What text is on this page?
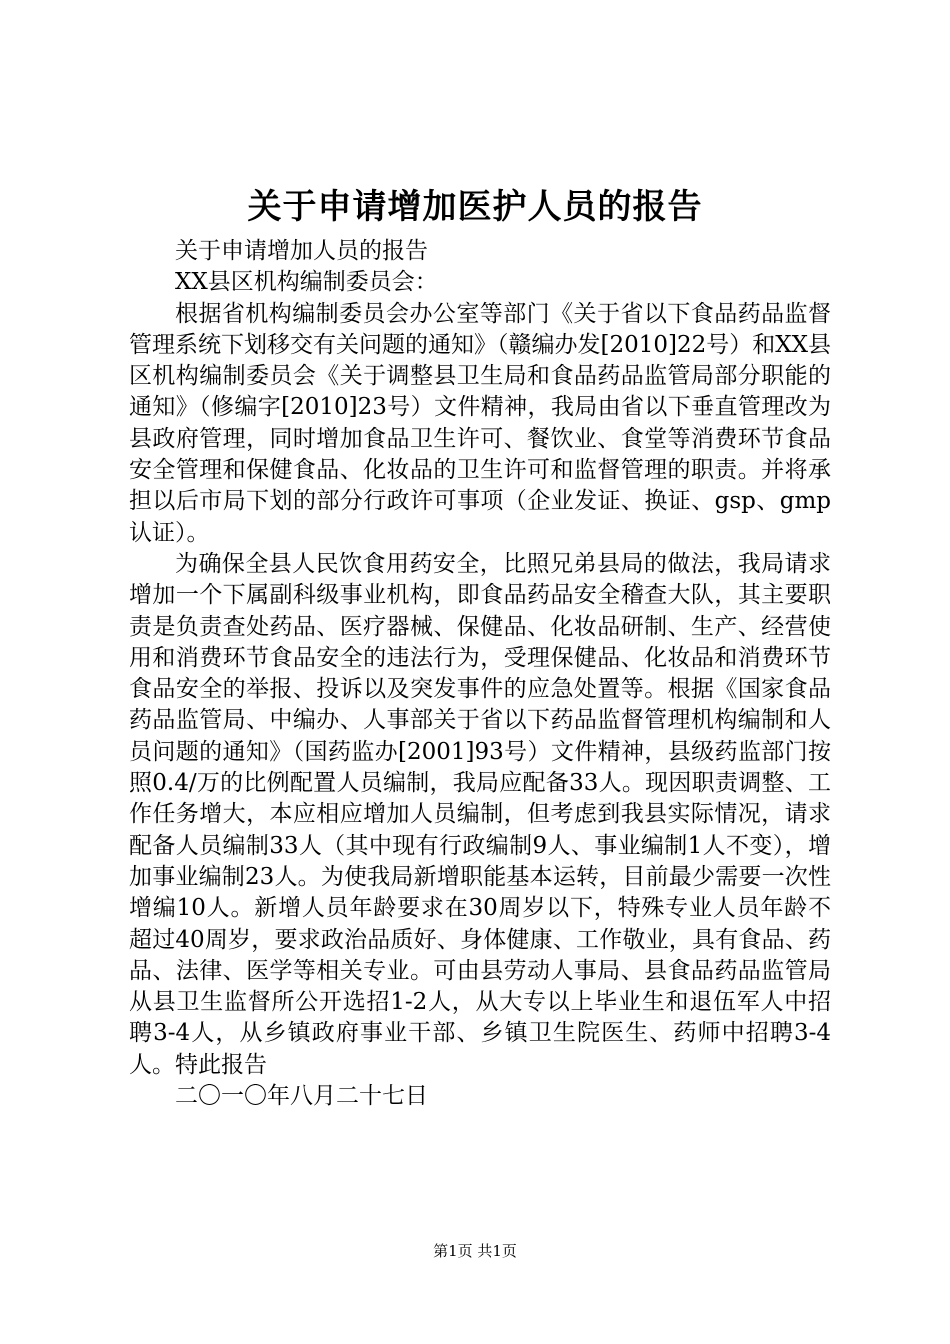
关于申请增加医护人员的报告

关于申请增加人员的报告

XX县区机构编制委员会：

根据省机构编制委员会办公室等部门《关于省以下食品药品监督管理系统下划移交有关问题的通知》（赣编办发[2010]22号）和XX县区机构编制委员会《关于调整县卫生局和食品药品监管局部分职能的通知》（修编字[2010]23号）文件精神，我局由省以下垂直管理改为县政府管理，同时增加食品卫生许可、餐饮业、食堂等消费环节食品安全管理和保健食品、化妆品的卫生许可和监督管理的职责。并将承担以后市局下划的部分行政许可事项（企业发证、换证、gsp、gmp认证）。

为确保全县人民饮食用药安全，比照兄弟县局的做法，我局请求增加一个下属副科级事业机构，即食品药品安全稽查大队，其主要职责是负责查处药品、医疗器械、保健品、化妆品研制、生产、经营使用和消费环节食品安全的违法行为，受理保健品、化妆品和消费环节食品安全的举报、投诉以及突发事件的应急处置等。根据《国家食品药品监管局、中编办、人事部关于省以下药品监督管理机构编制和人员问题的通知》（国药监办[2001]93号）文件精神，县级药监部门按照0.4/万的比例配置人员编制，我局应配备33人。现因职责调整、工作任务增大，本应相应增加人员编制，但考虑到我县实际情况，请求配备人员编制33人（其中现有行政编制9人、事业编制1人不变），增加事业编制23人。为使我局新增职能基本运转，目前最少需要一次性增编10人。新增人员年龄要求在30周岁以下，特殊专业人员年龄不超过40周岁，要求政治品质好、身体健康、工作敬业，具有食品、药品、法律、医学等相关专业。可由县劳动人事局、县食品药品监管局从县卫生监督所公开选招1-2人，从大专以上毕业生和退伍军人中招聘3-4人，从乡镇政府事业干部、乡镇卫生院医生、药师中招聘3-4人。特此报告

二〇一〇年八月二十七日

第1页 共1页
